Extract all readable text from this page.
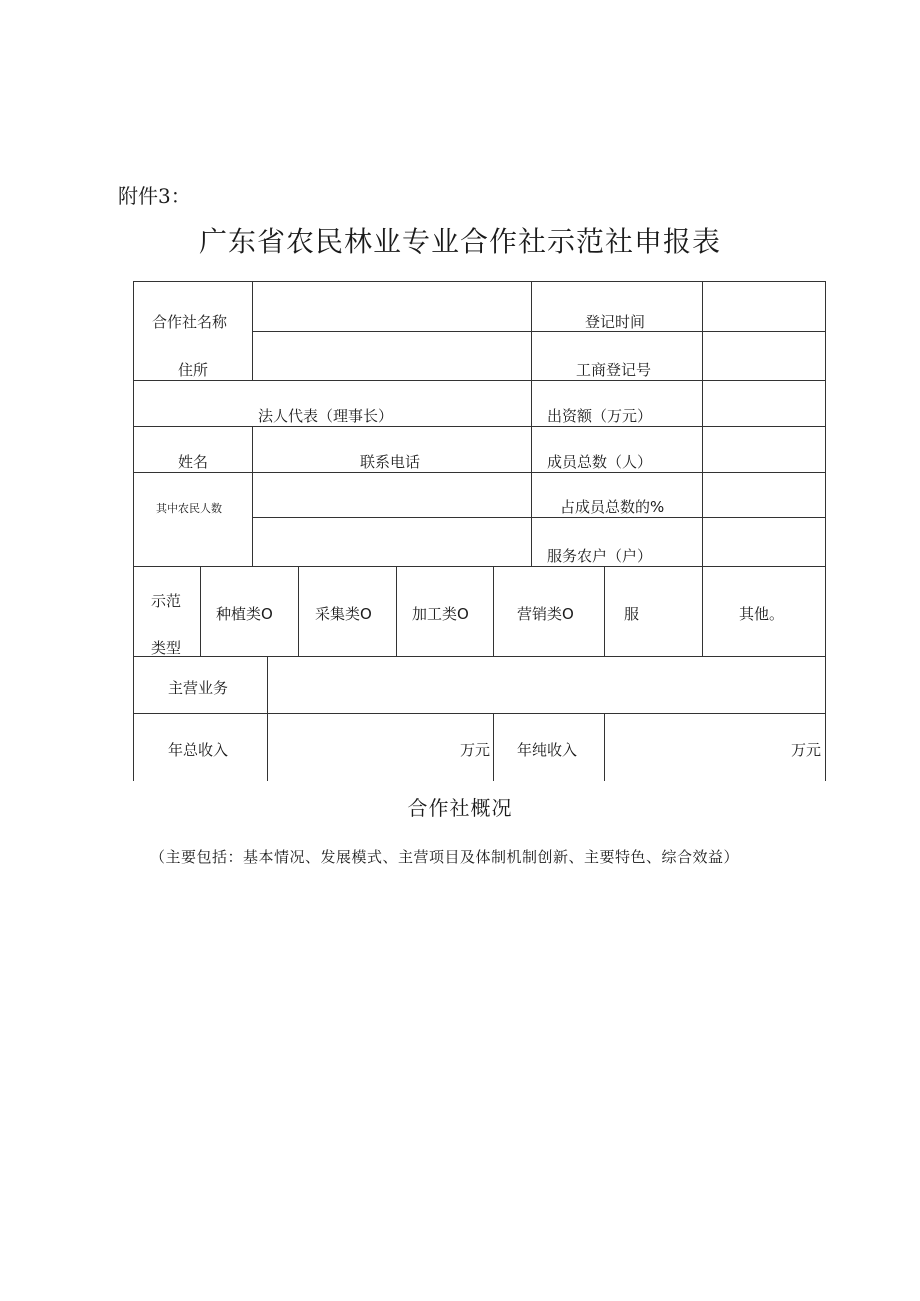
附件3：
广东省农民林业专业合作社示范社申报表
合作社名称	登记时间
住所	工商登记号
法人代表（理事长）	出资额（万元）
姓名	联系电话	成员总数（人）
其中农民人数	占成员总数的%
服务农户（户）
示范
类型
种植类O	采集类O	加工类O	营销类O	服	其他。
主营业务
年总收入	万元 年纯收入	万元
合作社概况
（主要包括：基本情况、发展模式、主营项目及体制机制创新、主要特色、综合效益）
